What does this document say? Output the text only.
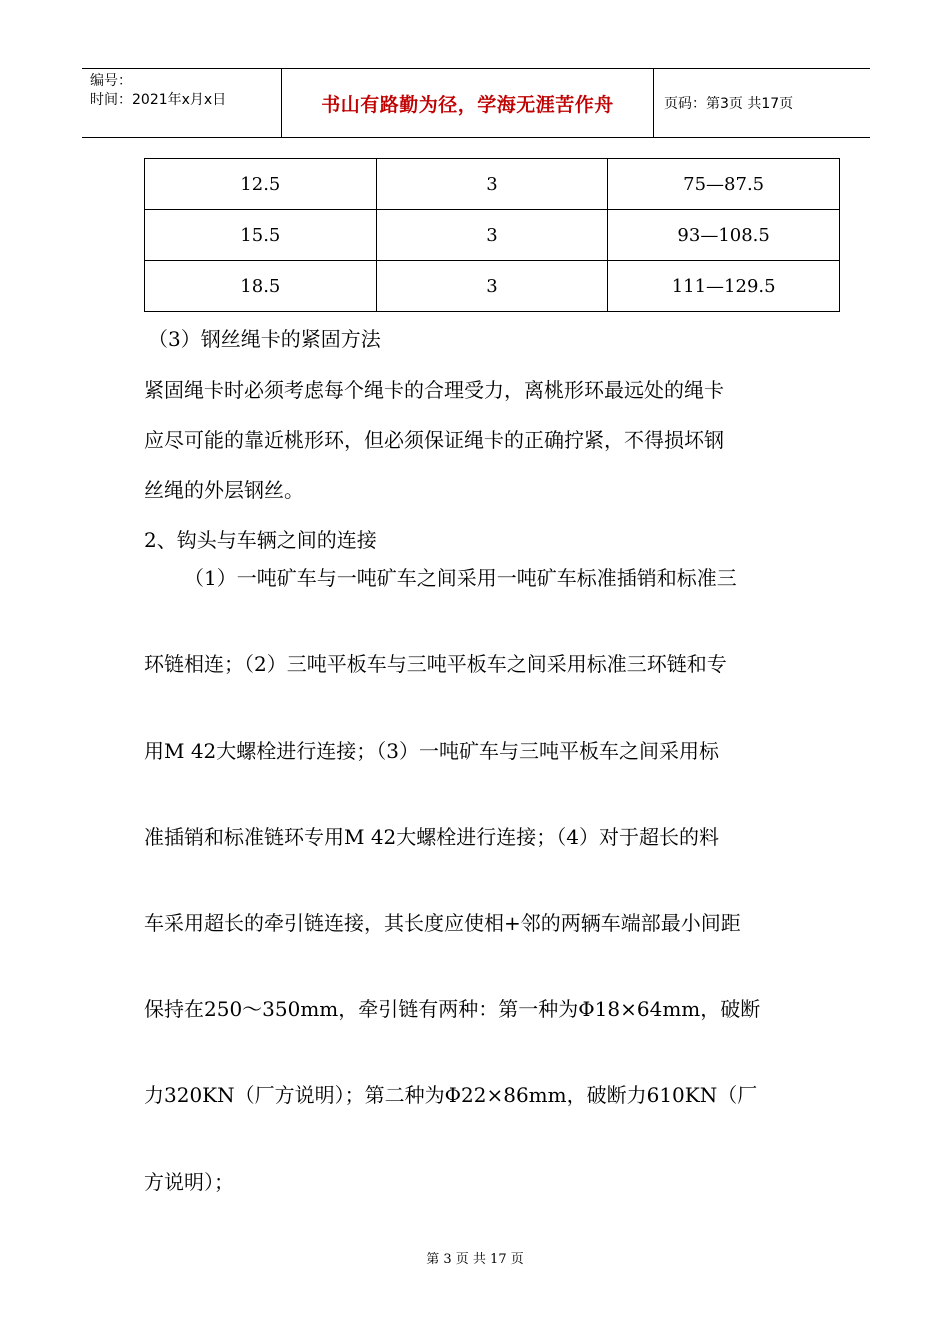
编号：
时间：2021年x月x日	书山有路勤为径，学海无涯苦作舟	页码：第3页 共17页
12.5	3	75—87.5
15.5	3	93—108.5
18.5	3	111—129.5
（3）钢丝绳卡的紧固方法
紧固绳卡时必须考虑每个绳卡的合理受力，离桃形环最远处的绳卡
应尽可能的靠近桃形环，但必须保证绳卡的正确拧紧，不得损坏钢
丝绳的外层钢丝。
2、钩头与车辆之间的连接
（1）一吨矿车与一吨矿车之间采用一吨矿车标准插销和标准三
环链相连；（2）三吨平板车与三吨平板车之间采用标准三环链和专
用M 42大螺栓进行连接；（3）一吨矿车与三吨平板车之间采用标
准插销和标准链环专用M 42大螺栓进行连接；（4）对于超长的料
车采用超长的牵引链连接，其长度应使相+邻的两辆车端部最小间距
保持在250～350mm，牵引链有两种：第一种为Φ18×64mm，破断
力320KN（厂方说明）；第二种为Φ22×86mm，破断力610KN（厂
方说明）；
第 3 页 共 17 页
